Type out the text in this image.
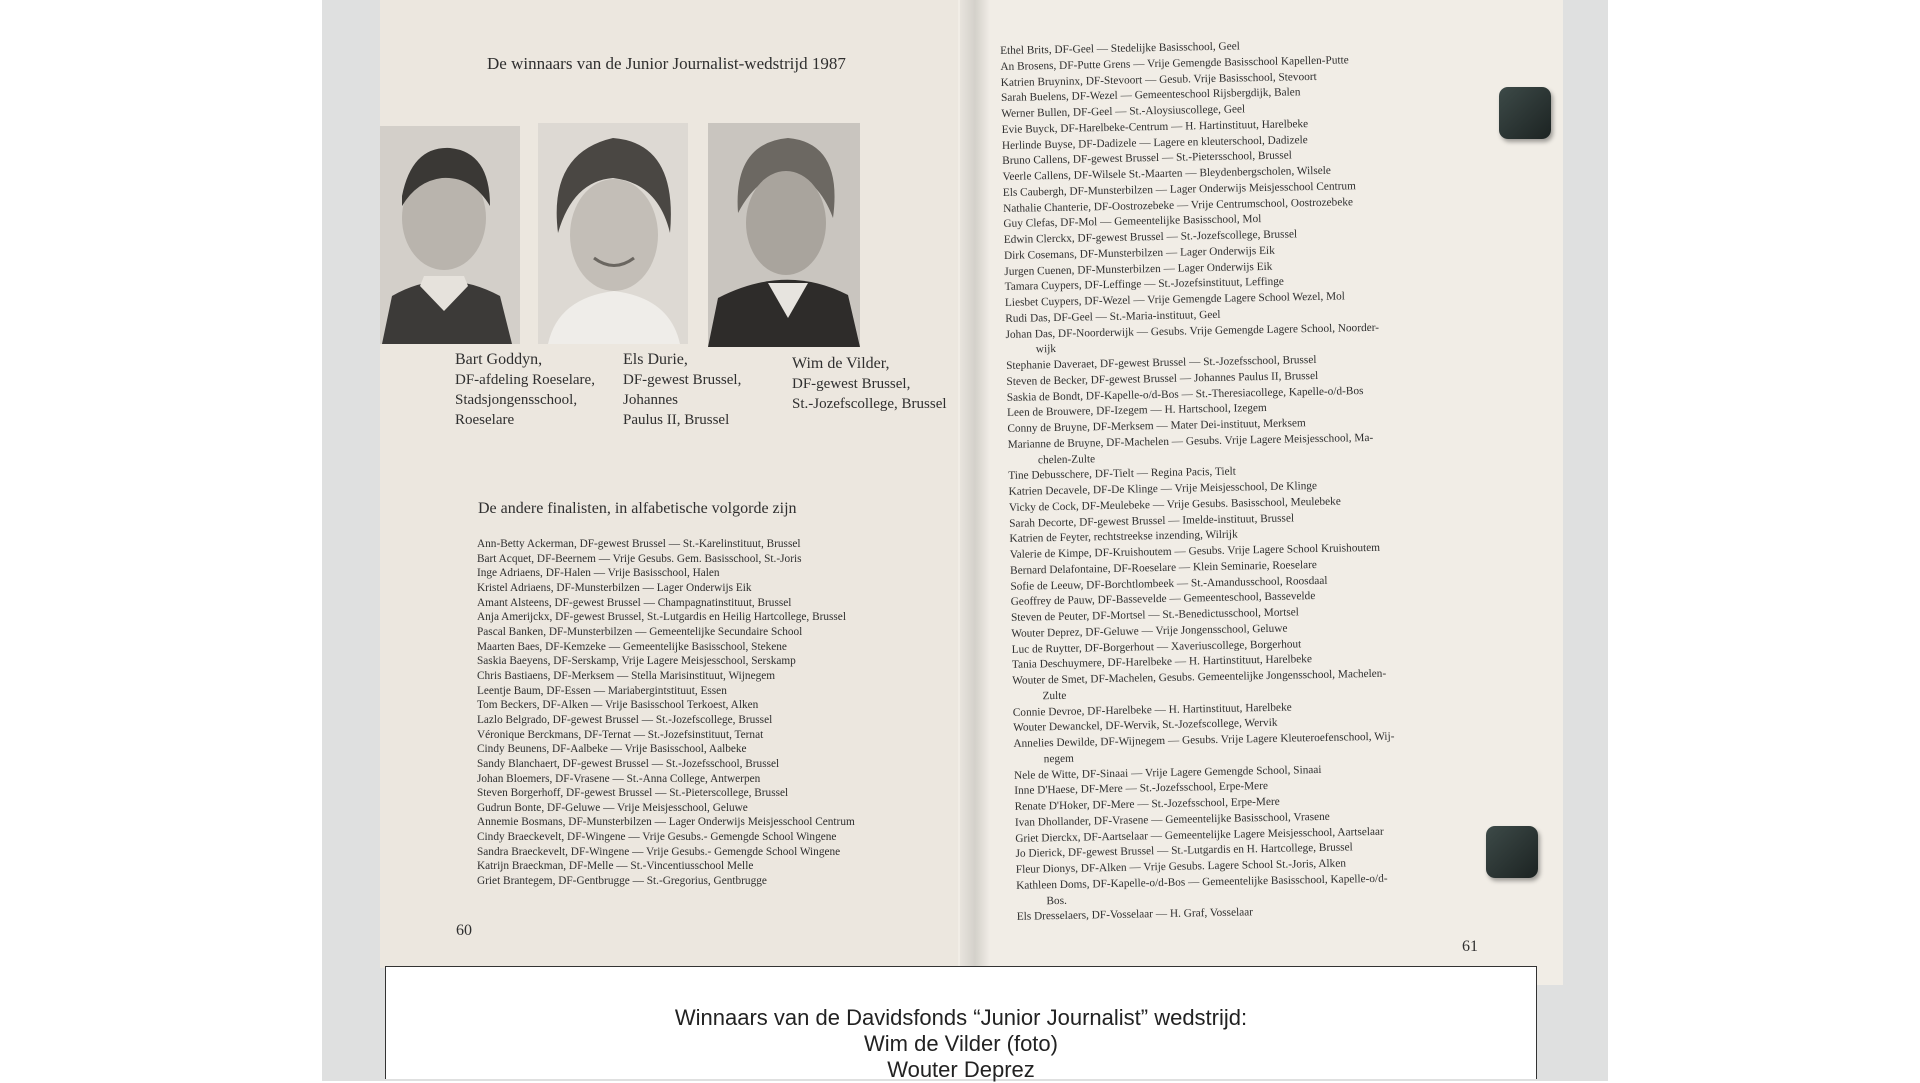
De winnaars van de Junior Journalist-wedstrijd 1987
Bart Goddyn,
DF-afdeling Roeselare,
Stadsjongensschool,
Roeselare
Els Durie,
DF-gewest Brussel,
Johannes
Paulus II, Brussel
Wim de Vilder,
DF-gewest Brussel,
St.-Jozefscollege, Brussel
De andere finalisten, in alfabetische volgorde zijn
Ann-Betty Ackerman, DF-gewest Brussel — St.-Karelinstituut, Brussel
Bart Acquet, DF-Beernem — Vrije Gesubs. Gem. Basisschool, St.-Joris
Inge Adriaens, DF-Halen — Vrije Basisschool, Halen
Kristel Adriaens, DF-Munsterbilzen — Lager Onderwijs Eik
Amant Alsteens, DF-gewest Brussel — Champagnatinstituut, Brussel
Anja Amerijckx, DF-gewest Brussel, St.-Lutgardis en Heilig Hartcollege, Brussel
Pascal Banken, DF-Munsterbilzen — Gemeentelijke Secundaire School
Maarten Baes, DF-Kemzeke — Gemeentelijke Basisschool, Stekene
Saskia Baeyens, DF-Serskamp, Vrije Lagere Meisjesschool, Serskamp
Chris Bastiaens, DF-Merksem — Stella Marisinstituut, Wijnegem
Leentje Baum, DF-Essen — Mariabergintstituut, Essen
Tom Beckers, DF-Alken — Vrije Basisschool Terkoest, Alken
Lazlo Belgrado, DF-gewest Brussel — St.-Jozefscollege, Brussel
Véronique Berckmans, DF-Ternat — St.-Jozefsinstituut, Ternat
Cindy Beunens, DF-Aalbeke — Vrije Basisschool, Aalbeke
Sandy Blanchaert, DF-gewest Brussel — St.-Jozefsschool, Brussel
Johan Bloemers, DF-Vrasene — St.-Anna College, Antwerpen
Steven Borgerhoff, DF-gewest Brussel — St.-Pieterscollege, Brussel
Gudrun Bonte, DF-Geluwe — Vrije Meisjesschool, Geluwe
Annemie Bosmans, DF-Munsterbilzen — Lager Onderwijs Meisjesschool Centrum
Cindy Braeckevelt, DF-Wingene — Vrije Gesubs.- Gemengde School Wingene
Sandra Braeckevelt, DF-Wingene — Vrije Gesubs.- Gemengde School Wingene
Katrijn Braeckman, DF-Melle — St.-Vincentiusschool Melle
Griet Brantegem, DF-Gentbrugge — St.-Gregorius, Gentbrugge
60
Ethel Brits, DF-Geel — Stedelijke Basisschool, Geel
An Brosens, DF-Putte Grens — Vrije Gemengde Basisschool Kapellen-Putte
Katrien Bruyninx, DF-Stevoort — Gesub. Vrije Basisschool, Stevoort
Sarah Buelens, DF-Wezel — Gemeenteschool Rijsbergdijk, Balen
Werner Bullen, DF-Geel — St.-Aloysiuscollege, Geel
Evie Buyck, DF-Harelbeke-Centrum — H. Hartinstituut, Harelbeke
Herlinde Buyse, DF-Dadizele — Lagere en kleuterschool, Dadizele
Bruno Callens, DF-gewest Brussel — St.-Pietersschool, Brussel
Veerle Callens, DF-Wilsele St.-Maarten — Bleydenbergscholen, Wilsele
Els Caubergh, DF-Munsterbilzen — Lager Onderwijs Meisjesschool Centrum
Nathalie Chanterie, DF-Oostrozebeke — Vrije Centrumschool, Oostrozebeke
Guy Clefas, DF-Mol — Gemeentelijke Basisschool, Mol
Edwin Clerckx, DF-gewest Brussel — St.-Jozefscollege, Brussel
Dirk Cosemans, DF-Munsterbilzen — Lager Onderwijs Eik
Jurgen Cuenen, DF-Munsterbilzen — Lager Onderwijs Eik
Tamara Cuypers, DF-Leffinge — St.-Jozefsinstituut, Leffinge
Liesbet Cuypers, DF-Wezel — Vrije Gemengde Lagere School Wezel, Mol
Rudi Das, DF-Geel — St.-Maria-instituut, Geel
Johan Das, DF-Noorderwijk — Gesubs. Vrije Gemengde Lagere School, Noorder-
wijk
Stephanie Daveraet, DF-gewest Brussel — St.-Jozefsschool, Brussel
Steven de Becker, DF-gewest Brussel — Johannes Paulus II, Brussel
Saskia de Bondt, DF-Kapelle-o/d-Bos — St.-Theresiacollege, Kapelle-o/d-Bos
Leen de Brouwere, DF-Izegem — H. Hartschool, Izegem
Conny de Bruyne, DF-Merksem — Mater Dei-instituut, Merksem
Marianne de Bruyne, DF-Machelen — Gesubs. Vrije Lagere Meisjesschool, Ma-
chelen-Zulte
Tine Debusschere, DF-Tielt — Regina Pacis, Tielt
Katrien Decavele, DF-De Klinge — Vrije Meisjesschool, De Klinge
Vicky de Cock, DF-Meulebeke — Vrije Gesubs. Basisschool, Meulebeke
Sarah Decorte, DF-gewest Brussel — Imelde-instituut, Brussel
Katrien de Feyter, rechtstreekse inzending, Wilrijk
Valerie de Kimpe, DF-Kruishoutem — Gesubs. Vrije Lagere School Kruishoutem
Bernard Delafontaine, DF-Roeselare — Klein Seminarie, Roeselare
Sofie de Leeuw, DF-Borchtlombeek — St.-Amandusschool, Roosdaal
Geoffrey de Pauw, DF-Bassevelde — Gemeenteschool, Bassevelde
Steven de Peuter, DF-Mortsel — St.-Benedictusschool, Mortsel
Wouter Deprez, DF-Geluwe — Vrije Jongensschool, Geluwe
Luc de Ruytter, DF-Borgerhout — Xaveriuscollege, Borgerhout
Tania Deschuymere, DF-Harelbeke — H. Hartinstituut, Harelbeke
Wouter de Smet, DF-Machelen, Gesubs. Gemeentelijke Jongensschool, Machelen-
Zulte
Connie Devroe, DF-Harelbeke — H. Hartinstituut, Harelbeke
Wouter Dewanckel, DF-Wervik, St.-Jozefscollege, Wervik
Annelies Dewilde, DF-Wijnegem — Gesubs. Vrije Lagere Kleuteroefenschool, Wij-
negem
Nele de Witte, DF-Sinaai — Vrije Lagere Gemengde School, Sinaai
Inne D'Haese, DF-Mere — St.-Jozefsschool, Erpe-Mere
Renate D'Hoker, DF-Mere — St.-Jozefsschool, Erpe-Mere
Ivan Dhollander, DF-Vrasene — Gemeentelijke Basisschool, Vrasene
Griet Dierckx, DF-Aartselaar — Gemeentelijke Lagere Meisjesschool, Aartselaar
Jo Dierick, DF-gewest Brussel — St.-Lutgardis en H. Hartcollege, Brussel
Fleur Dionys, DF-Alken — Vrije Gesubs. Lagere School St.-Joris, Alken
Kathleen Doms, DF-Kapelle-o/d-Bos — Gemeentelijke Basisschool, Kapelle-o/d-
Bos.
Els Dresselaers, DF-Vosselaar — H. Graf, Vosselaar
61
Winnaars van de Davidsfonds “Junior Journalist” wedstrijd:
Wim de Vilder (foto)
Wouter Deprez
